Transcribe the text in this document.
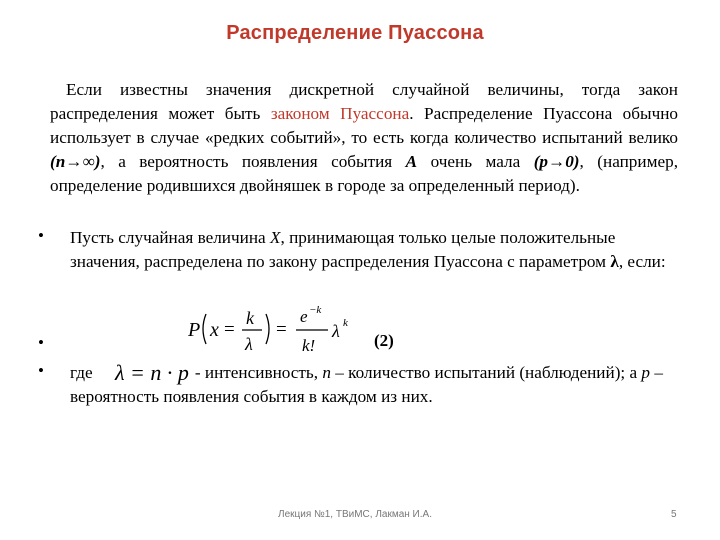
Распределение Пуассона
Если известны значения дискретной случайной величины, тогда закон распределения может быть законом Пуассона. Распределение Пуассона обычно использует в случае «редких событий», то есть когда количество испытаний велико (n→∞), а вероятность появления события A очень мала (p→0), (например, определение родившихся двойняшек в городе за определенный период).
• Пусть случайная величина X, принимающая только целые положительные значения, распределена по закону распределения Пуассона с параметром λ, если:
•
P x =
k
λ
=
e −k
k!
λ k
(2)
• где	- интенсивность, n – количество испытаний (наблюдений); а p – вероятность появления события в каждом из них.
λ = n · p
Лекция №1, ТВиМС, Лакман И.А.	5
